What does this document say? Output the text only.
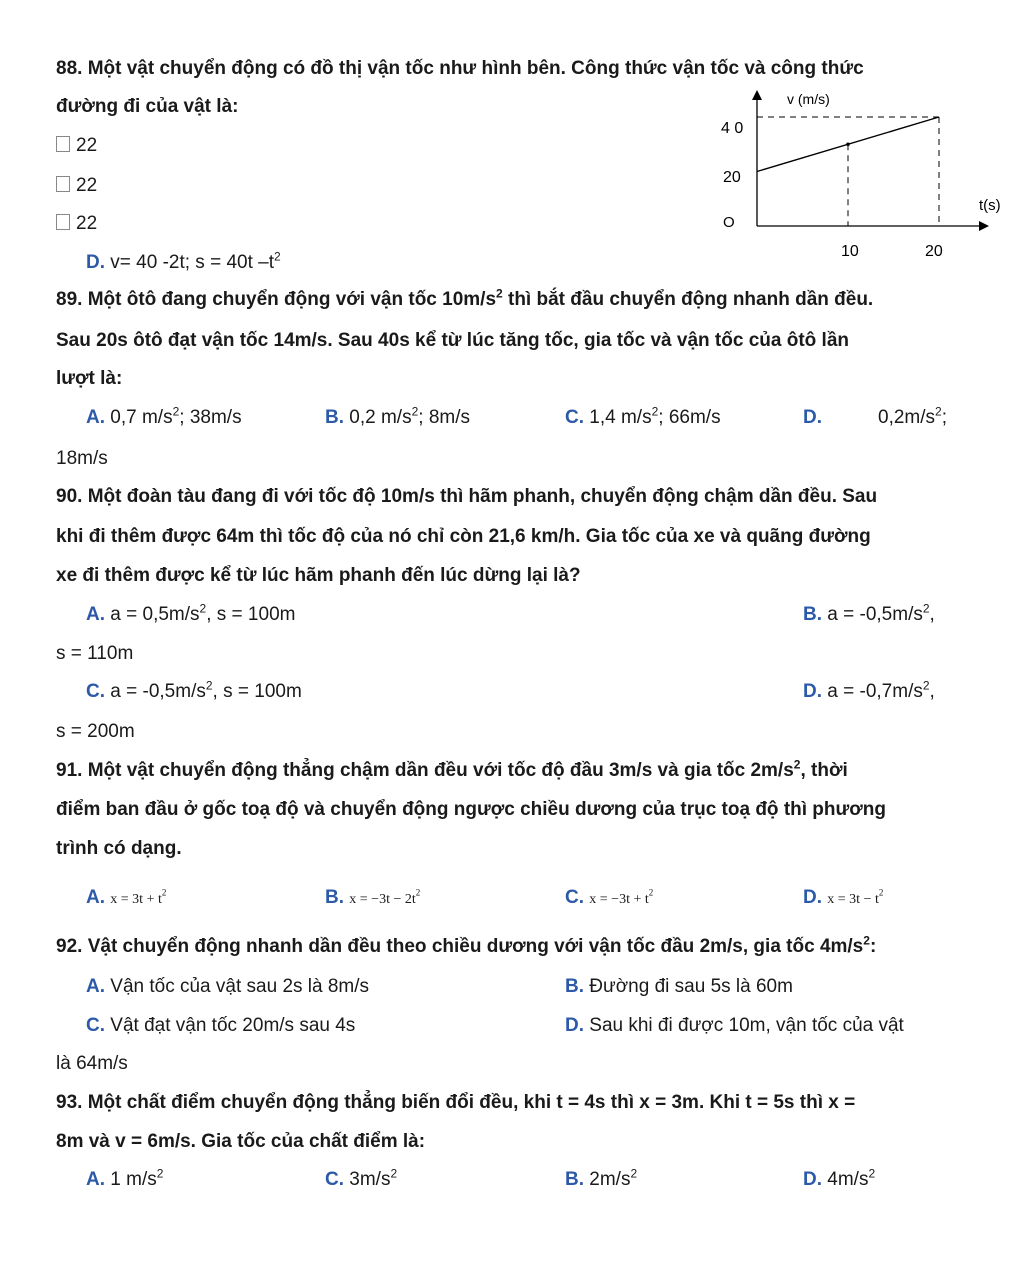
88. Một vật chuyển động có đồ thị vận tốc như hình bên. Công thức vận tốc và công thức
đường đi của vật là:
22
22
22
D. v= 40 -2t; s = 40t $-t^2$
v (m/s)
t(s)
4 0
20
O
10	20
89. Một ôtô đang chuyển động với vận tốc $10m/s^2$ thì bắt đầu chuyển động nhanh dần đều.
Sau 20s ôtô đạt vận tốc 14m/s. Sau 40s kể từ lúc tăng tốc, gia tốc và vận tốc của ôtô lần
lượt là:
A. 0,7 $m/s^2$; 38m/s	B. 0,2 $m/s^2$; 8m/s	C. 1,4 $m/s^2$; 66m/s	D.	$0,2m/s^2$;
18m/s
90. Một đoàn tàu đang đi với tốc độ 10m/s thì hãm phanh, chuyển động chậm dần đều. Sau
khi đi thêm được 64m thì tốc độ của nó chỉ còn 21,6 km/h. Gia tốc của xe và quãng đường
xe đi thêm được kể từ lúc hãm phanh đến lúc dừng lại là?
A. $a = 0,5m/s^2$, s = 100m	B. $a = -0,5m/s^2$,
s = 110m
C. $a = -0,5m/s^2$, s = 100m	D. $a = -0,7m/s^2$,
s = 200m
91. Một vật chuyển động thẳng chậm dần đều với tốc độ đầu 3m/s và gia tốc $2m/s^2$, thời
điểm ban đầu ở gốc toạ độ và chuyển động ngược chiều dương của trục toạ độ thì phương
trình có dạng.
A. $x = 3t + t^2$	B. $x = -3t - 2t^2$	C. $x = -3t + t^2$	D. $x = 3t - t^2$
92. Vật chuyển động nhanh dần đều theo chiều dương với vận tốc đầu 2m/s, gia tốc $4m/s^2$:
A. Vận tốc của vật sau 2s là 8m/s	B. Đường đi sau 5s là 60m
C. Vật đạt vận tốc 20m/s sau 4s	D. Sau khi đi được 10m, vận tốc của vật
là 64m/s
93. Một chất điểm chuyển động thẳng biến đổi đều, khi t = 4s thì x = 3m. Khi t = 5s thì x =
8m và v = 6m/s. Gia tốc của chất điểm là:
A. 1 $m/s^2$	C. $3m/s^2$	B. $2m/s^2$	D. $4m/s^2$
